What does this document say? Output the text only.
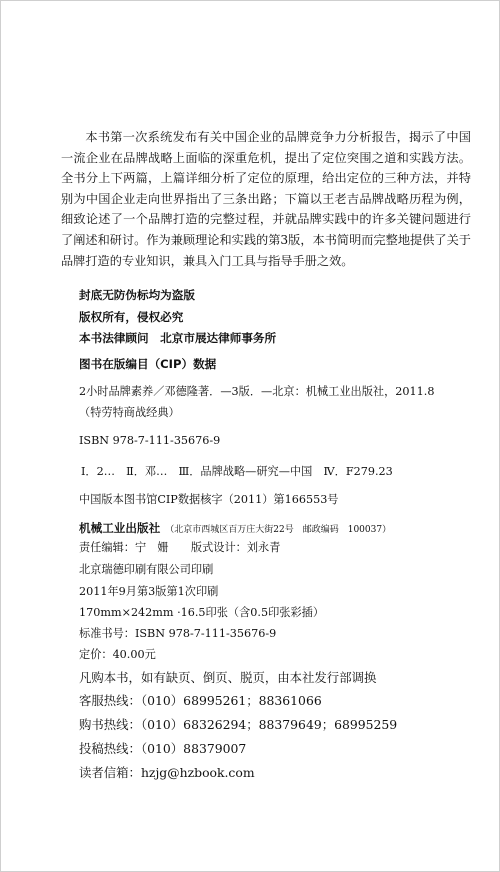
本书第一次系统发布有关中国企业的品牌竞争力分析报告，揭示了中国一流企业在品牌战略上面临的深重危机，提出了定位突围之道和实践方法。全书分上下两篇，上篇详细分析了定位的原理，给出定位的三种方法，并特别为中国企业走向世界指出了三条出路；下篇以王老吉品牌战略历程为例，细致论述了一个品牌打造的完整过程，并就品牌实践中的许多关键问题进行了阐述和研讨。作为兼顾理论和实践的第3版，本书简明而完整地提供了关于品牌打造的专业知识，兼具入门工具与指导手册之效。

封底无防伪标均为盗版
版权所有，侵权必究
本书法律顾问　北京市展达律师事务所
图书在版编目（CIP）数据
2小时品牌素养／邓德隆著．—3版．—北京：机械工业出版社，2011.8
（特劳特商战经典）
ISBN 978-7-111-35676-9
Ⅰ．2…　Ⅱ．邓…　Ⅲ．品牌战略—研究—中国　Ⅳ．F279.23
中国版本图书馆CIP数据核字（2011）第166553号
机械工业出版社 （北京市西城区百万庄大街22号　邮政编码　100037）
责任编辑：宁　姗　　版式设计：刘永青
北京瑞德印刷有限公司印刷
2011年9月第3版第1次印刷
170mm×242mm ·16.5印张（含0.5印张彩插）
标准书号：ISBN 978-7-111-35676-9
定价：40.00元
凡购本书，如有缺页、倒页、脱页，由本社发行部调换
客服热线：（010）68995261；88361066
购书热线：（010）68326294；88379649；68995259
投稿热线：（010）88379007
读者信箱：hzjg@hzbook.com
